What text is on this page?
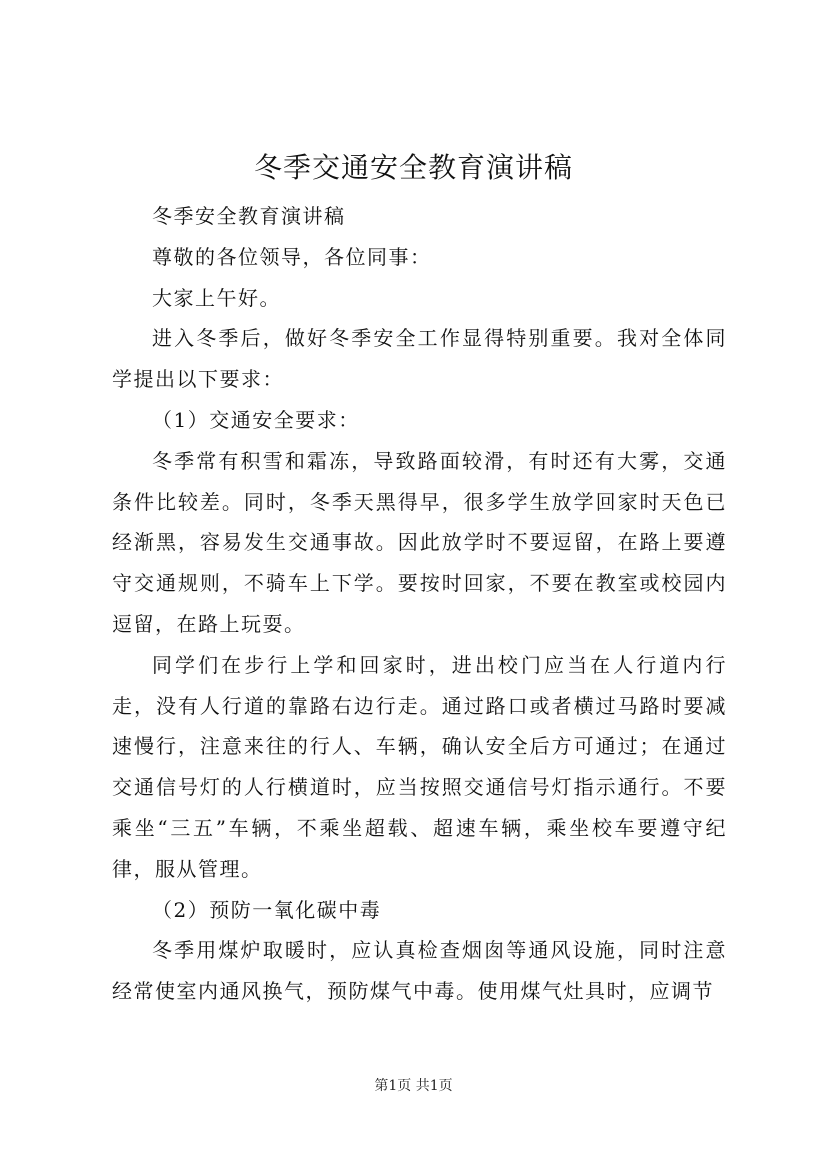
冬季交通安全教育演讲稿

冬季安全教育演讲稿

尊敬的各位领导，各位同事：

大家上午好。

进入冬季后，做好冬季安全工作显得特别重要。我对全体同学提出以下要求：

（1）交通安全要求：

冬季常有积雪和霜冻，导致路面较滑，有时还有大雾，交通条件比较差。同时，冬季天黑得早，很多学生放学回家时天色已经渐黑，容易发生交通事故。因此放学时不要逗留，在路上要遵守交通规则，不骑车上下学。要按时回家，不要在教室或校园内逗留，在路上玩耍。

同学们在步行上学和回家时，进出校门应当在人行道内行走，没有人行道的靠路右边行走。通过路口或者横过马路时要减速慢行，注意来往的行人、车辆，确认安全后方可通过；在通过交通信号灯的人行横道时，应当按照交通信号灯指示通行。不要乘坐“三五”车辆，不乘坐超载、超速车辆，乘坐校车要遵守纪律，服从管理。

（2）预防一氧化碳中毒

冬季用煤炉取暖时，应认真检查烟囱等通风设施，同时注意经常使室内通风换气，预防煤气中毒。使用煤气灶具时，应调节

第1页 共1页
